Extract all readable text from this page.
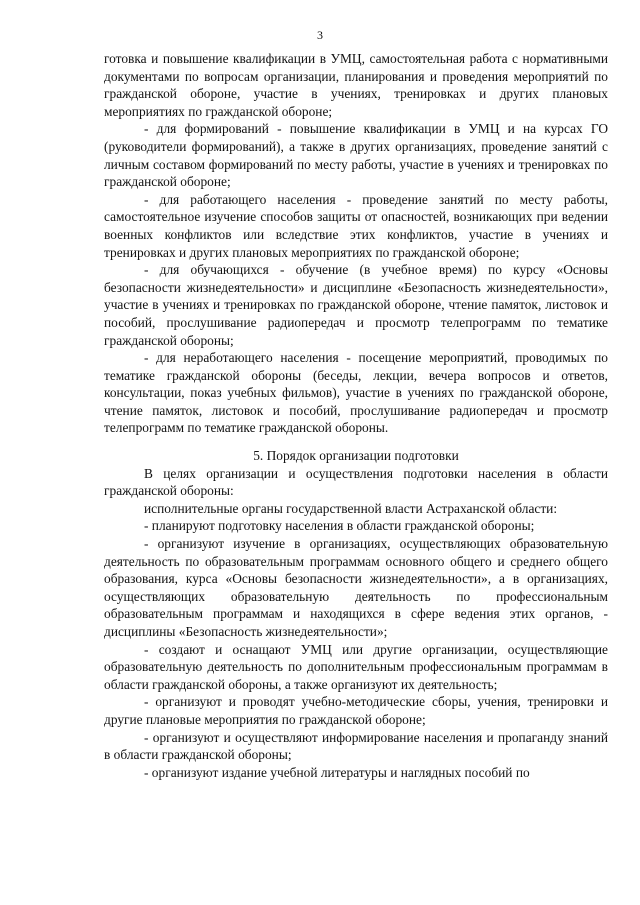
3

готовка и повышение квалификации в УМЦ, самостоятельная работа с нормативными документами по вопросам организации, планирования и проведения мероприятий по гражданской обороне, участие в учениях, тренировках и других плановых мероприятиях по гражданской обороне;

- для формирований - повышение квалификации в УМЦ и на курсах ГО (руководители формирований), а также в других организациях, проведение занятий с личным составом формирований по месту работы, участие в учениях и тренировках по гражданской обороне;

- для работающего населения - проведение занятий по месту работы, самостоятельное изучение способов защиты от опасностей, возникающих при ведении военных конфликтов или вследствие этих конфликтов, участие в учениях и тренировках и других плановых мероприятиях по гражданской обороне;

- для обучающихся - обучение (в учебное время) по курсу «Основы безопасности жизнедеятельности» и дисциплине «Безопасность жизнедеятельности», участие в учениях и тренировках по гражданской обороне, чтение памяток, листовок и пособий, прослушивание радиопередач и просмотр телепрограмм по тематике гражданской обороны;

- для неработающего населения - посещение мероприятий, проводимых по тематике гражданской обороны (беседы, лекции, вечера вопросов и ответов, консультации, показ учебных фильмов), участие в учениях по гражданской обороне, чтение памяток, листовок и пособий, прослушивание радиопередач и просмотр телепрограмм по тематике гражданской обороны.

5. Порядок организации подготовки

В целях организации и осуществления подготовки населения в области гражданской обороны:

исполнительные органы государственной власти Астраханской области:

- планируют подготовку населения в области гражданской обороны;

- организуют изучение в организациях, осуществляющих образовательную деятельность по образовательным программам основного общего и среднего общего образования, курса «Основы безопасности жизнедеятельности», а в организациях, осуществляющих образовательную деятельность по профессиональным образовательным программам и находящихся в сфере ведения этих органов, - дисциплины «Безопасность жизнедеятельности»;

- создают и оснащают УМЦ или другие организации, осуществляющие образовательную деятельность по дополнительным профессиональным программам в области гражданской обороны, а также организуют их деятельность;

- организуют и проводят учебно-методические сборы, учения, тренировки и другие плановые мероприятия по гражданской обороне;

- организуют и осуществляют информирование населения и пропаганду знаний в области гражданской обороны;

- организуют издание учебной литературы и наглядных пособий по
